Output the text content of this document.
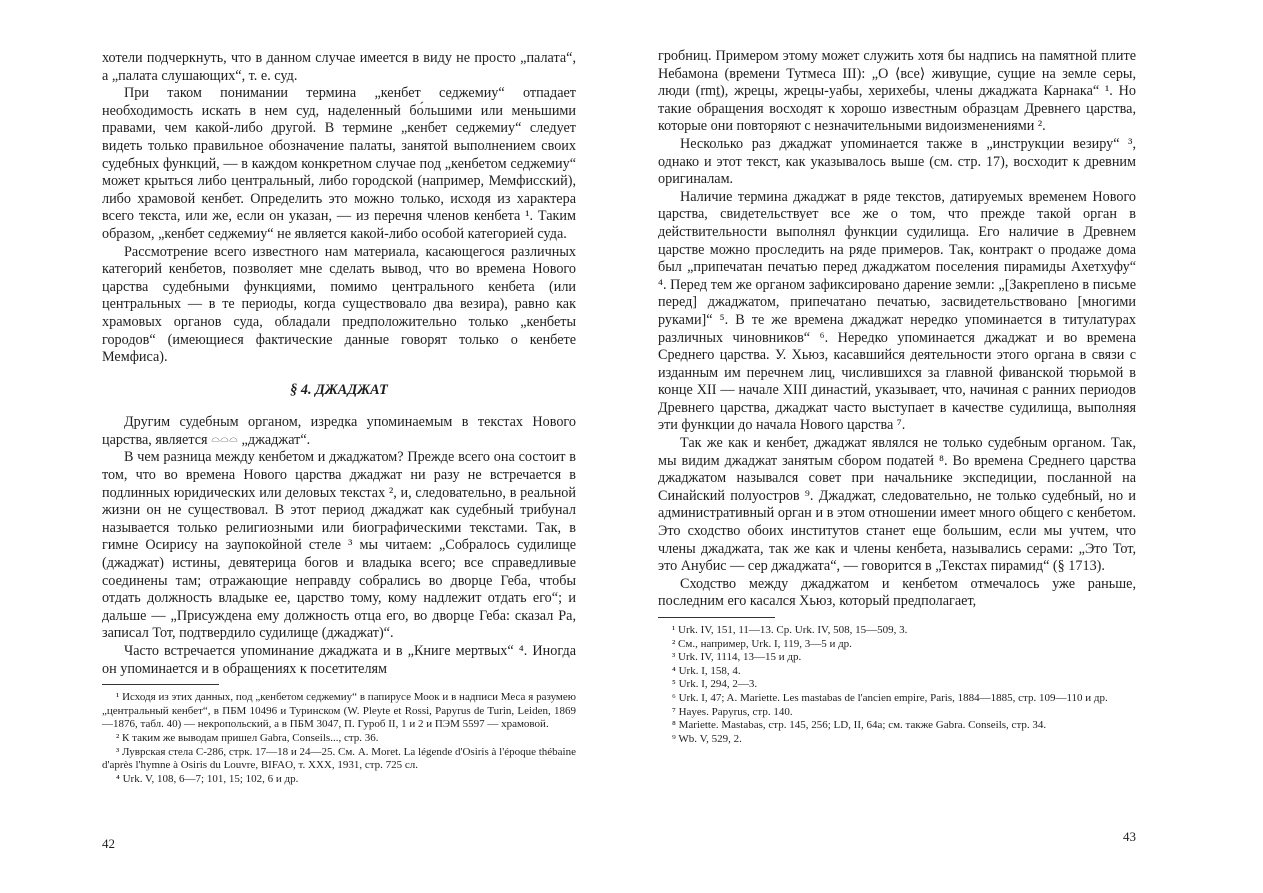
хотели подчеркнуть, что в данном случае имеется в виду не просто „палата“, а „палата слушающих“, т. е. суд.

При таком понимании термина „кенбет седжемиу“ отпадает необходимость искать в нем суд, наделенный бо́льшими или меньшими правами, чем какой-либо другой. В термине „кенбет седжемиу“ следует видеть только правильное обозначение палаты, занятой выполнением своих судебных функций, — в каждом конкретном случае под „кенбетом седжемиу“ может крыться либо центральный, либо городской (например, Мемфисский), либо храмовой кенбет. Определить это можно только, исходя из характера всего текста, или же, если он указан, — из перечня членов кенбета ¹. Таким образом, „кенбет седжемиу“ не является какой-либо особой категорией суда.

Рассмотрение всего известного нам материала, касающегося различных категорий кенбетов, позволяет мне сделать вывод, что во времена Нового царства судебными функциями, помимо центрального кенбета (или центральных — в те периоды, когда существовало два везира), равно как храмовых органов суда, обладали предположительно только „кенбеты городов“ (имеющиеся фактические данные говорят только о кенбете Мемфиса).

§ 4. ДЖАДЖАТ

Другим судебным органом, изредка упоминаемым в текстах Нового царства, является 𓏏𓏏𓏏 „джаджат“.

В чем разница между кенбетом и джаджатом? Прежде всего она состоит в том, что во времена Нового царства джаджат ни разу не встречается в подлинных юридических или деловых текстах ², и, следовательно, в реальной жизни он не существовал. В этот период джаджат как судебный трибунал называется только религиозными или биографическими текстами. Так, в гимне Осирису на заупокойной стеле ³ мы читаем: „Собралось судилище (джаджат) истины, девятерица богов и владыка всего; все справедливые соединены там; отражающие неправду собрались во дворце Геба, чтобы отдать должность владыке ее, царство тому, кому надлежит отдать его“; и дальше — „Присуждена ему должность отца его, во дворце Геба: сказал Ра, записал Тот, подтвердило судилище (джаджат)“.

Часто встречается упоминание джаджата и в „Книге мертвых“ ⁴. Иногда он упоминается и в обращениях к посетителям

¹ Исходя из этих данных, под „кенбетом седжемиу“ в папирусе Моок и в надписи Меса я разумею „центральный кенбет“, в ПБМ 10496 и Туринском (W. Pleyte et Rossi, Papyrus de Turin, Leiden, 1869—1876, табл. 40) — некропольский, а в ПБМ 3047, П. Гуроб II, 1 и 2 и ПЭМ 5597 — храмовой.

² К таким же выводам пришел Gabra, Conseils..., стр. 36.

³ Луврская стела C-286, стрк. 17—18 и 24—25. См. A. Moret. La légende d'Osiris à l'époque thébaine d'après l'hymne à Osiris du Louvre, BIFAO, т. XXX, 1931, стр. 725 сл.

⁴ Urk. V, 108, 6—7; 101, 15; 102, 6 и др.

42

гробниц. Примером этому может служить хотя бы надпись на памятной плите Небамона (времени Тутмеса III): „О ⟨все⟩ живущие, сущие на земле серы, люди (rmṯ), жрецы, жрецы-уабы, херихебы, члены джаджата Карнака“ ¹. Но такие обращения восходят к хорошо известным образцам Древнего царства, которые они повторяют с незначительными видоизменениями ².

Несколько раз джаджат упоминается также в „инструкции везиру“ ³, однако и этот текст, как указывалось выше (см. стр. 17), восходит к древним оригиналам.

Наличие термина джаджат в ряде текстов, датируемых временем Нового царства, свидетельствует все же о том, что прежде такой орган в действительности выполнял функции судилища. Его наличие в Древнем царстве можно проследить на ряде примеров. Так, контракт о продаже дома был „припечатан печатью перед джаджатом поселения пирамиды Ахетхуфу“ ⁴. Перед тем же органом зафиксировано дарение земли: „[Закреплено в письме перед] джаджатом, припечатано печатью, засвидетельствовано [многими руками]“ ⁵. В те же времена джаджат нередко упоминается в титулатурах различных чиновников“ ⁶. Нередко упоминается джаджат и во времена Среднего царства. У. Хьюз, касавшийся деятельности этого органа в связи с изданным им перечнем лиц, числившихся за главной фиванской тюрьмой в конце XII — начале XIII династий, указывает, что, начиная с ранних периодов Древнего царства, джаджат часто выступает в качестве судилища, выполняя эти функции до начала Нового царства ⁷.

Так же как и кенбет, джаджат являлся не только судебным органом. Так, мы видим джаджат занятым сбором податей ⁸. Во времена Среднего царства джаджатом назывался совет при начальнике экспедиции, посланной на Синайский полуостров ⁹. Джаджат, следовательно, не только судебный, но и административный орган и в этом отношении имеет много общего с кенбетом. Это сходство обоих институтов станет еще большим, если мы учтем, что члены джаджата, так же как и члены кенбета, назывались серами: „Это Тот, это Анубис — сер джаджата“, — говорится в „Текстах пирамид“ (§ 1713).

Сходство между джаджатом и кенбетом отмечалось уже раньше, последним его касался Хьюз, который предполагает,

¹ Urk. IV, 151, 11—13. Ср. Urk. IV, 508, 15—509, 3.

² См., например, Urk. I, 119, 3—5 и др.

³ Urk. IV, 1114, 13—15 и др.

⁴ Urk. I, 158, 4.

⁵ Urk. I, 294, 2—3.

⁶ Urk. I, 47; A. Mariette. Les mastabas de l'ancien empire, Paris, 1884—1885, стр. 109—110 и др.

⁷ Hayes. Papyrus, стр. 140.

⁸ Mariette. Mastabas, стр. 145, 256; LD, II, 64a; см. также Gabra. Conseils, стр. 34.

⁹ Wb. V, 529, 2.

43
